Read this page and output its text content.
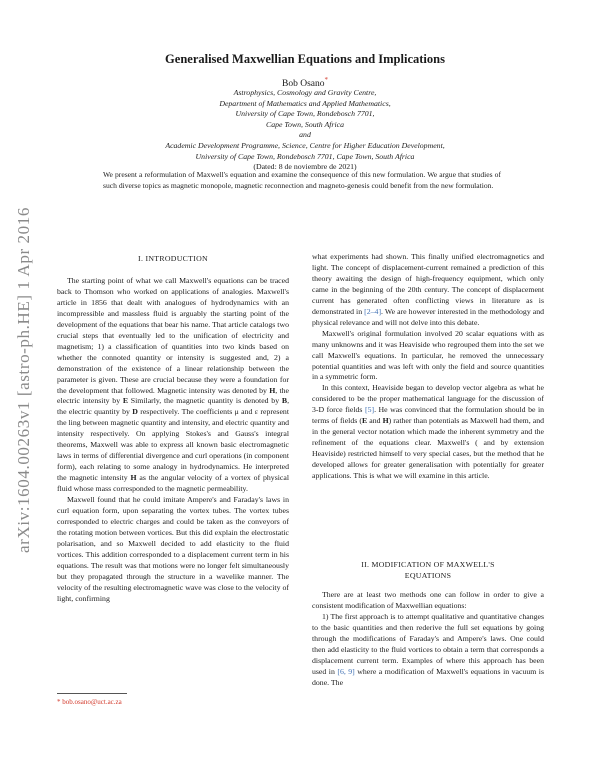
arXiv:1604.00263v1 [astro-ph.HE] 1 Apr 2016
Generalised Maxwellian Equations and Implications
Bob Osano*
Astrophysics, Cosmology and Gravity Centre,
Department of Mathematics and Applied Mathematics,
University of Cape Town, Rondebosch 7701,
Cape Town, South Africa
and
Academic Development Programme, Science, Centre for Higher Education Development,
University of Cape Town, Rondebosch 7701, Cape Town, South Africa
(Dated: 8 de noviembre de 2021)
We present a reformulation of Maxwell's equation and examine the consequence of this new formulation. We argue that studies of such diverse topics as magnetic monopole, magnetic reconnection and magneto-genesis could benefit from the new formulation.
I. INTRODUCTION

The starting point of what we call Maxwell's equations can be traced back to Thomson who worked on applications of analogies. Maxwell's article in 1856 that dealt with analogues of hydrodynamics with an incompressible and massless fluid is arguably the starting point of the development of the equations that bear his name. That article catalogs two crucial steps that eventually led to the unification of electricity and magnetism; 1) a classification of quantities into two kinds based on whether the connoted quantity or intensity is suggested and, 2) a demonstration of the existence of a linear relationship between the parameter is given. These are crucial because they were a foundation for the development that followed. Magnetic intensity was denoted by H, the electric intensity by E Similarly, the magnetic quantity is denoted by B, the electric quantity by D respectively. The coefficients μ and ε represent the ling between magnetic quantity and intensity, and electric quantity and intensity respectively. On applying Stokes's and Gauss's integral theorems, Maxwell was able to express all known basic electromagnetic laws in terms of differential divergence and curl operations (in component form), each relating to some analogy in hydrodynamics. He interpreted the magnetic intensity H as the angular velocity of a vortex of physical fluid whose mass corresponded to the magnetic permeability.

Maxwell found that he could imitate Ampere's and Faraday's laws in curl equation form, upon separating the vortex tubes. The vortex tubes corresponded to electric charges and could be taken as the conveyors of the rotating motion between vortices. But this did explain the electrostatic polarisation, and so Maxwell decided to add elasticity to the fluid vortices. This addition corresponded to a displacement current term in his equations. The result was that motions were no longer felt simultaneously but they propagated through the structure in a wavelike manner. The velocity of the resulting electromagnetic wave was close to the velocity of light, confirming

what experiments had shown. This finally unified electromagnetics and light. The concept of displacement-current remained a prediction of this theory awaiting the design of high-frequency equipment, which only came in the beginning of the 20th century. The concept of displacement current has generated often conflicting views in literature as is demonstrated in [2–4]. We are however interested in the methodology and physical relevance and will not delve into this debate.

Maxwell's original formulation involved 20 scalar equations with as many unknowns and it was Heaviside who regrouped them into the set we call Maxwell's equations. In particular, he removed the unnecessary potential quantities and was left with only the field and source quantities in a symmetric form.

In this context, Heaviside began to develop vector algebra as what he considered to be the proper mathematical language for the discussion of 3-D force fields [5]. He was convinced that the formulation should be in terms of fields (E and H) rather than potentials as Maxwell had them, and in the general vector notation which made the inherent symmetry and the refinement of the equations clear. Maxwell's ( and by extension Heaviside) restricted himself to very special cases, but the method that he developed allows for greater generalisation with potentially for greater applications. This is what we will examine in this article.

II. MODIFICATION OF MAXWELL'S
EQUATIONS

There are at least two methods one can follow in order to give a consistent modification of Maxwellian equations:

1) The first approach is to attempt qualitative and quantitative changes to the basic quantities and then rederive the full set equations by going through the modifications of Faraday's and Ampere's laws. One could then add elasticity to the fluid vortices to obtain a term that corresponds a displacement current term. Examples of where this approach has been used in [6, 9] where a modification of Maxwell's equations in vacuum is done. The

* bob.osano@uct.ac.za
